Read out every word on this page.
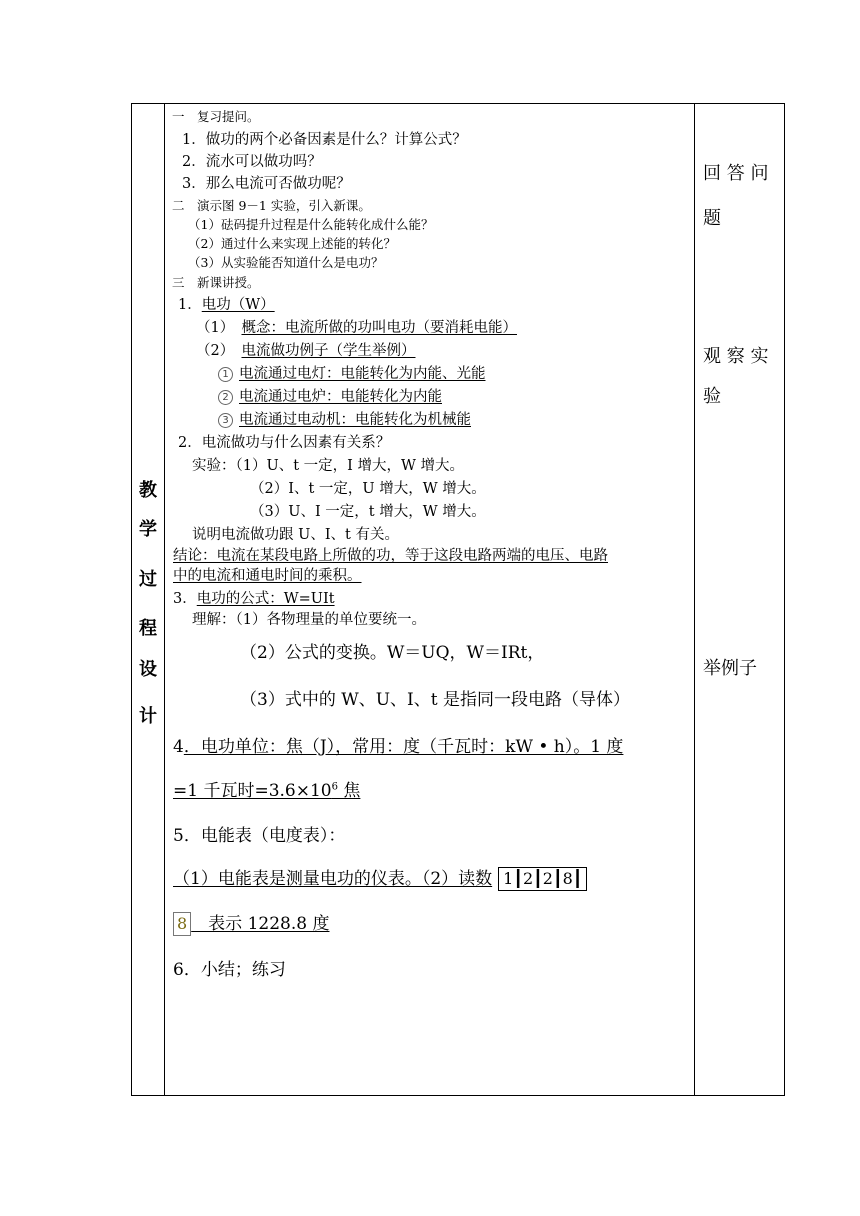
教
学
过
程
设
计
一　复习提问。
1．做功的两个必备因素是什么？计算公式？
2．流水可以做功吗？
3．那么电流可否做功呢？
二　演示图 9－1 实验，引入新课。
（1）砝码提升过程是什么能转化成什么能？
（2）通过什么来实现上述能的转化？
（3）从实验能否知道什么是电功？
三　新课讲授。
1．电功（W）
（1）　 概念：电流所做的功叫电功（要消耗电能）
（2）　 电流做功例子（学生举例）
1 电流通过电灯：电能转化为内能、光能
2 电流通过电炉：电能转化为内能
3 电流通过电动机：电能转化为机械能
2．电流做功与什么因素有关系？
实验：（1）U、t 一定，I 增大，W 增大。
（2）I、t 一定，U 增大，W 增大。
（3）U、I 一定，t 增大，W 增大。
说明电流做功跟 U、I、t 有关。
结论：电流在某段电路上所做的功，等于这段电路两端的电压、电路
中的电流和通电时间的乘积。
3．电功的公式：W=UIt
理解：（1）各物理量的单位要统一。
（2）公式的变换。W＝UQ，W＝IRt，
（3）式中的 W、U、I、t 是指同一段电路（导体）
4．电功单位：焦（J），常用：度（千瓦时：kW • h）。1 度
=1 千瓦时$=3.6\times 10^6$ 焦
5．电能表（电度表）：
（1）电能表是测量电功的仪表。（2）读数 1┃2┃2┃8┃
8　表示 1228.8 度
6．小结；练习
回 答 问
题
观 察 实
验
举例子
